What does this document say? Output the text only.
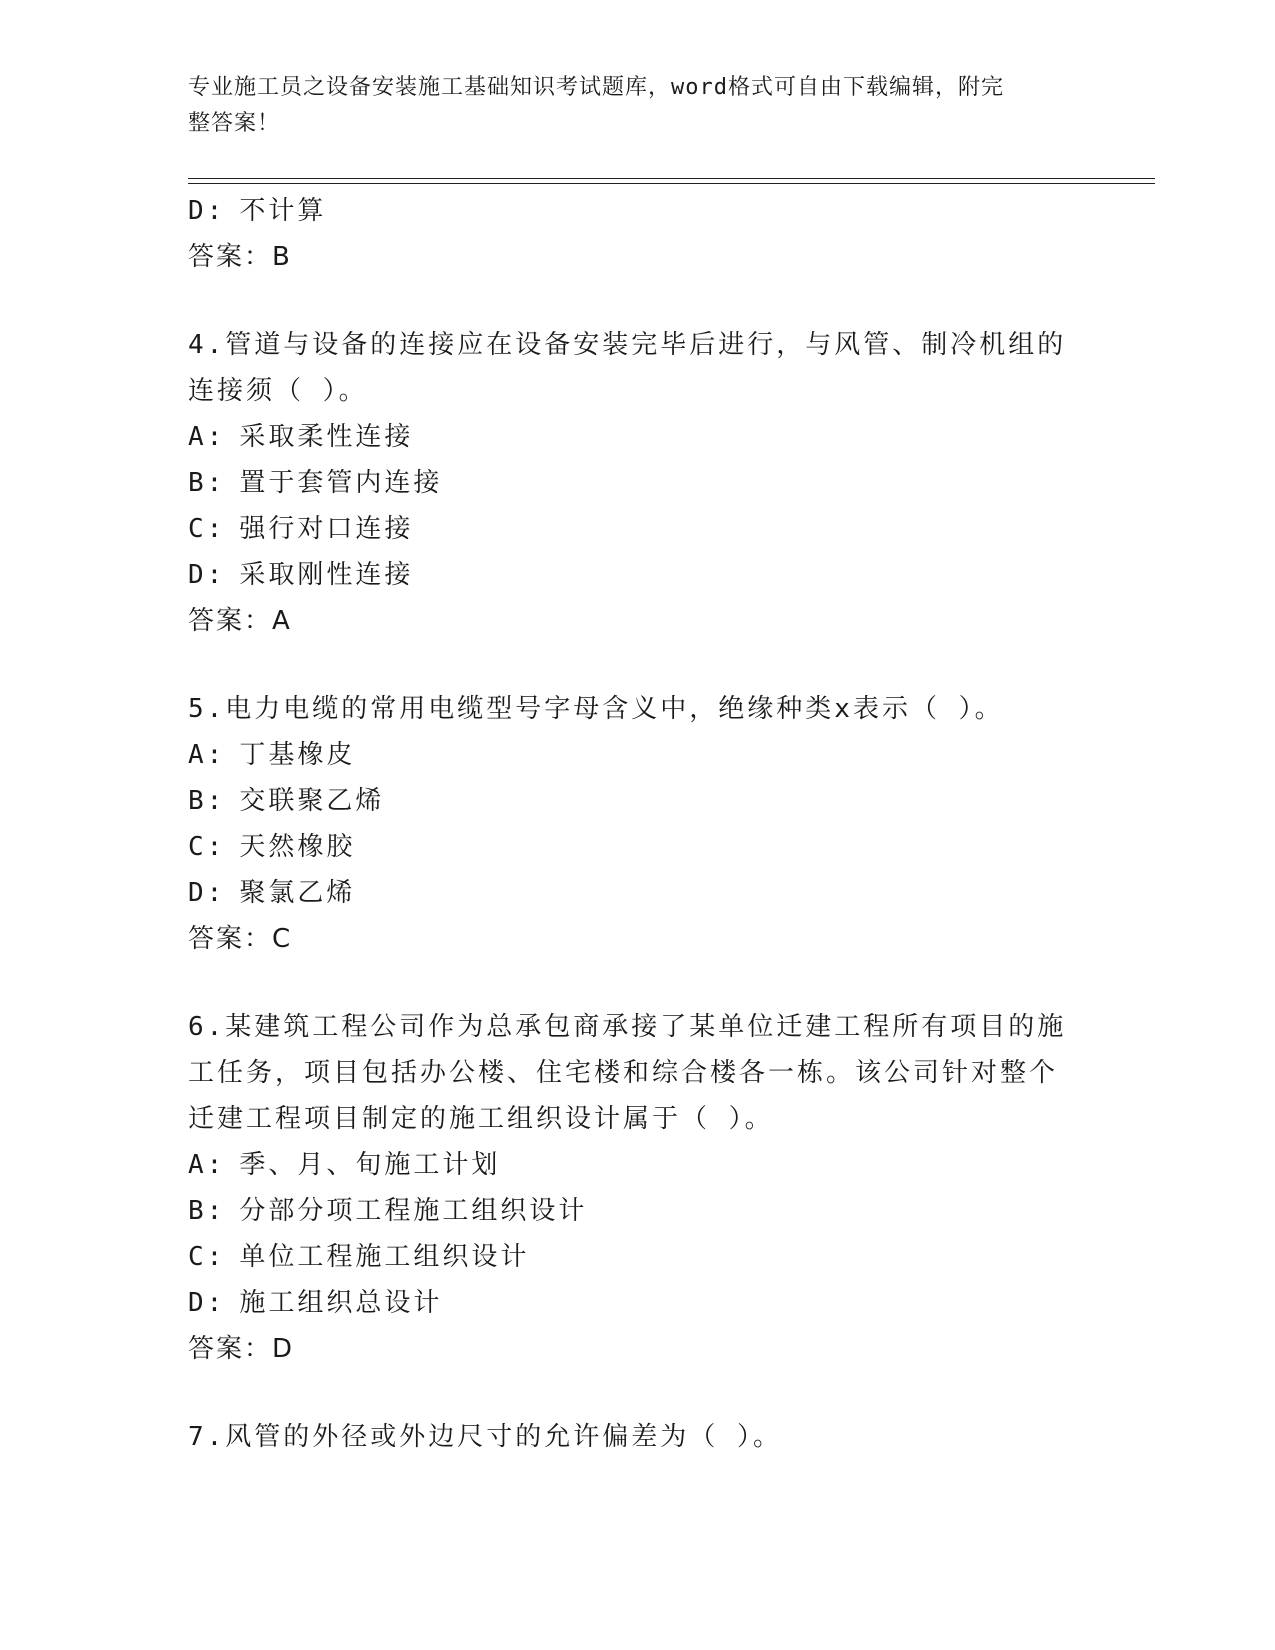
专业施工员之设备安装施工基础知识考试题库，word格式可自由下载编辑，附完
整答案！
D: 不计算
答案：B
4.管道与设备的连接应在设备安装完毕后进行，与风管、制冷机组的
连接须（ ）。
A: 采取柔性连接
B: 置于套管内连接
C: 强行对口连接
D: 采取刚性连接
答案：A
5.电力电缆的常用电缆型号字母含义中，绝缘种类x表示（ ）。
A: 丁基橡皮
B: 交联聚乙烯
C: 天然橡胶
D: 聚氯乙烯
答案：C
6.某建筑工程公司作为总承包商承接了某单位迁建工程所有项目的施
工任务，项目包括办公楼、住宅楼和综合楼各一栋。该公司针对整个
迁建工程项目制定的施工组织设计属于（ ）。
A: 季、月、旬施工计划
B: 分部分项工程施工组织设计
C: 单位工程施工组织设计
D: 施工组织总设计
答案：D
7.风管的外径或外边尺寸的允许偏差为（ ）。
